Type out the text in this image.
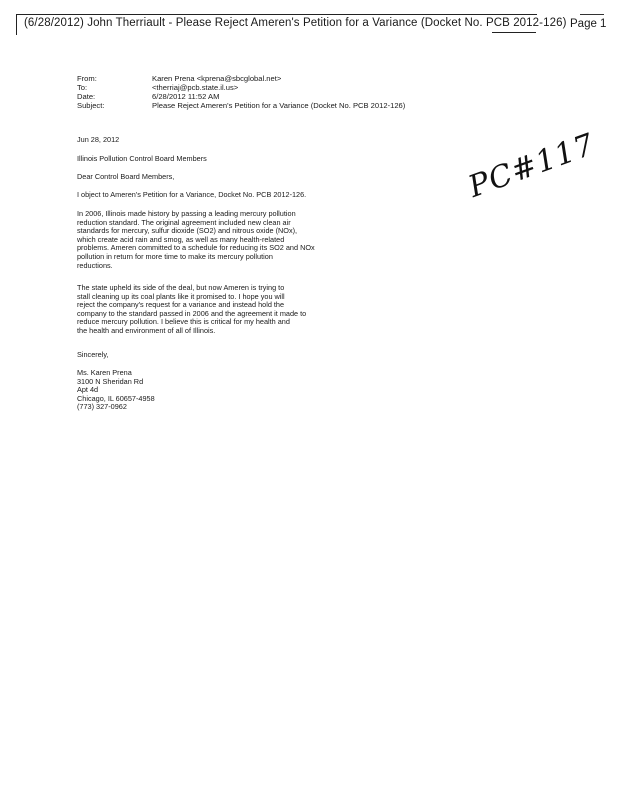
(6/28/2012) John Therriault - Please Reject Ameren's Petition for a Variance (Docket No. PCB 2012-126) Page 1
From:	Karen Prena <kprena@sbcglobal.net>
To:	<therriaj@pcb.state.il.us>
Date:	6/28/2012 11:52 AM
Subject:	Please Reject Ameren's Petition for a Variance (Docket No. PCB 2012-126)
Jun 28, 2012
Illinois Pollution Control Board Members
Dear Control Board Members,
I object to Ameren's Petition for a Variance, Docket No. PCB 2012-126.
In 2006, Illinois made history by passing a leading mercury pollution
reduction standard. The original agreement included new clean air
standards for mercury, sulfur dioxide (SO2) and nitrous oxide (NOx),
which create acid rain and smog, as well as many health-related
problems. Ameren committed to a schedule for reducing its SO2 and NOx
pollution in return for more time to make its mercury pollution
reductions.
The state upheld its side of the deal, but now Ameren is trying to
stall cleaning up its coal plants like it promised to. I hope you will
reject the company's request for a variance and instead hold the
company to the standard passed in 2006 and the agreement it made to
reduce mercury pollution. I believe this is critical for my health and
the health and environment of all of Illinois.
Sincerely,
Ms. Karen Prena
3100 N Sheridan Rd
Apt 4d
Chicago, IL 60657-4958
(773) 327-0962
PC#117
